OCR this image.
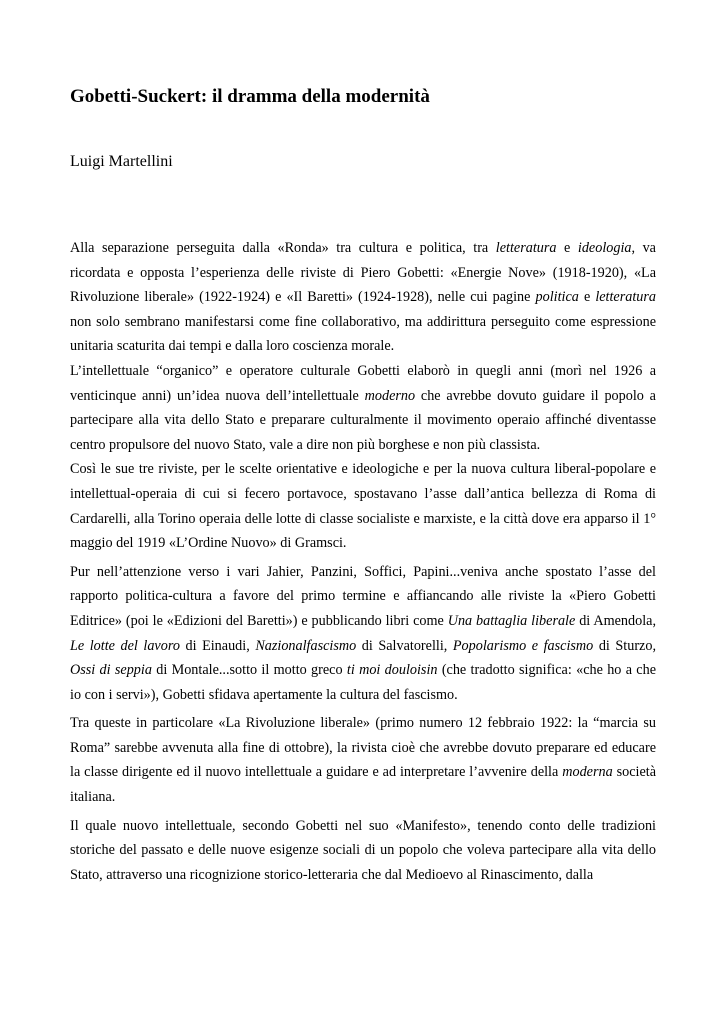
Gobetti-Suckert: il dramma della modernità
Luigi Martellini

Alla separazione perseguita dalla «Ronda» tra cultura e politica, tra letteratura e ideologia, va ricordata e opposta l’esperienza delle riviste di Piero Gobetti: «Energie Nove» (1918-1920), «La Rivoluzione liberale» (1922-1924) e «Il Baretti» (1924-1928), nelle cui pagine politica e letteratura non solo sembrano manifestarsi come fine collaborativo, ma addirittura perseguito come espressione unitaria scaturita dai tempi e dalla loro coscienza morale.

L’intellettuale “organico” e operatore culturale Gobetti elaborò in quegli anni (morì nel 1926 a venticinque anni) un’idea nuova dell’intellettuale moderno che avrebbe dovuto guidare il popolo a partecipare alla vita dello Stato e preparare culturalmente il movimento operaio affinché diventasse centro propulsore del nuovo Stato, vale a dire non più borghese e non più classista.

Così le sue tre riviste, per le scelte orientative e ideologiche e per la nuova cultura liberal-popolare e intellettual-operaia di cui si fecero portavoce, spostavano l’asse dall’antica bellezza di Roma di Cardarelli, alla Torino operaia delle lotte di classe socialiste e marxiste, e la città dove era apparso il 1° maggio del 1919 «L’Ordine Nuovo» di Gramsci.

Pur nell’attenzione verso i vari Jahier, Panzini, Soffici, Papini...veniva anche spostato l’asse del rapporto politica-cultura a favore del primo termine e affiancando alle riviste la «Piero Gobetti Editrice» (poi le «Edizioni del Baretti») e pubblicando libri come Una battaglia liberale di Amendola, Le lotte del lavoro di Einaudi, Nazionalfascismo di Salvatorelli, Popolarismo e fascismo di Sturzo, Ossi di seppia di Montale...sotto il motto greco ti moi douloisin (che tradotto significa: «che ho a che io con i servi»), Gobetti sfidava apertamente la cultura del fascismo.

Tra queste in particolare «La Rivoluzione liberale» (primo numero 12 febbraio 1922: la “marcia su Roma” sarebbe avvenuta alla fine di ottobre), la rivista cioè che avrebbe dovuto preparare ed educare la classe dirigente ed il nuovo intellettuale a guidare e ad interpretare l’avvenire della moderna società italiana.

Il quale nuovo intellettuale, secondo Gobetti nel suo «Manifesto», tenendo conto delle tradizioni storiche del passato e delle nuove esigenze sociali di un popolo che voleva partecipare alla vita dello Stato, attraverso una ricognizione storico-letteraria che dal Medioevo al Rinascimento, dalla
